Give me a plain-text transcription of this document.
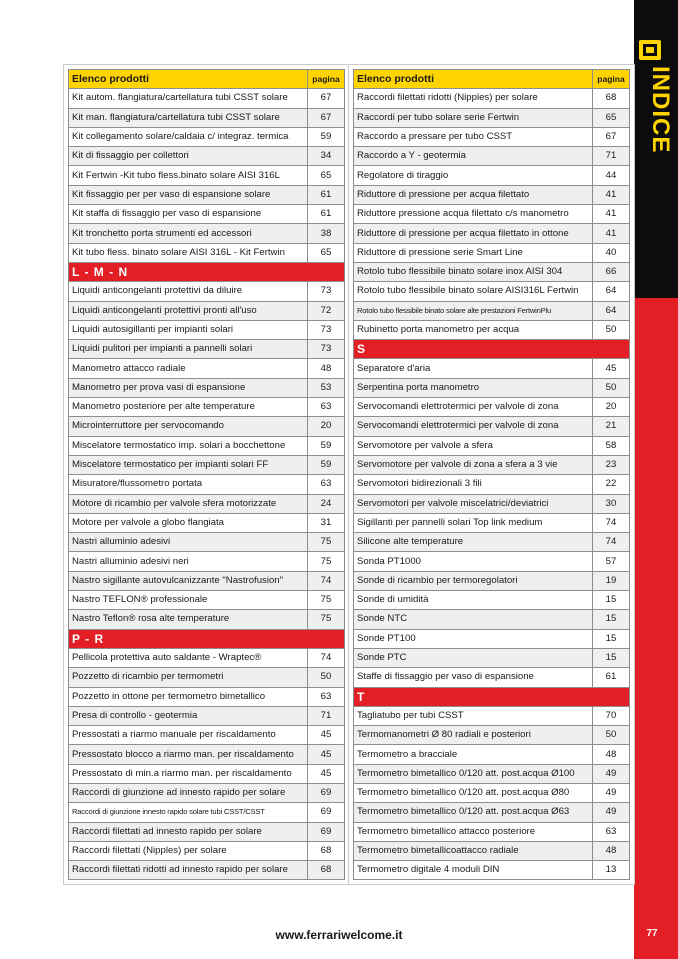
INDICE
Elenco prodotti	pagina
Kit autom. flangiatura/cartellatura tubi CSST solare	67
Kit man. flangiatura/cartellatura tubi CSST solare	67
Kit collegamento solare/caldaia c/ integraz. termica	59
Kit di fissaggio per collettori	34
Kit Fertwin -Kit tubo fless.binato solare AISI 316L	65
Kit fissaggio per per vaso di espansione solare	61
Kit staffa di fissaggio per vaso di espansione	61
Kit tronchetto porta strumenti ed accessori	38
Kit tubo fless. binato solare AISI 316L - Kit Fertwin	65
L - M - N	
Liquidi anticongelanti protettivi da diluire	73
Liquidi anticongelanti protettivi pronti all'uso	72
Liquidi autosigillanti per impianti solari	73
Liquidi pulitori per impianti a pannelli solari	73
Manometro attacco radiale	48
Manometro per prova vasi di espansione	53
Manometro posteriore per alte temperature	63
Microinterruttore per servocomando	20
Miscelatore termostatico imp. solari a bocchettone	59
Miscelatore termostatico per impianti solari FF	59
Misuratore/flussometro portata	63
Motore di ricambio per valvole sfera motorizzate	24
Motore per valvole a globo flangiata	31
Nastri alluminio adesivi	75
Nastri alluminio adesivi neri	75
Nastro sigillante autovulcanizzante "Nastrofusion"	74
Nastro TEFLON® professionale	75
Nastro Teflon® rosa alte temperature	75
P - R	
Pellicola protettiva auto saldante - Wraptec®	74
Pozzetto di ricambio per termometri	50
Pozzetto in ottone per termometro bimetallico	63
Presa di controllo - geotermia	71
Pressostati a riarmo manuale per riscaldamento	45
Pressostato blocco a riarmo man. per riscaldamento	45
Pressostato di min.a riarmo man. per riscaldamento	45
Raccordi di giunzione ad innesto rapido per solare	69
Raccordi di giunzione innesto rapido solare tubi CSST/CSST	69
Raccordi filettati ad innesto rapido per solare	69
Raccordi filettati (Nipples) per solare	68
Raccordi filettati ridotti ad innesto rapido per solare	68
Elenco prodotti	pagina
Raccordi filettati ridotti (Nipples) per solare	68
Raccordi per tubo solare serie Fertwin	65
Raccordo a pressare per tubo CSST	67
Raccordo a Y - geotermia	71
Regolatore di tiraggio	44
Riduttore di pressione per acqua filettato	41
Riduttore pressione acqua filettato c/s manometro	41
Riduttore di pressione per acqua filettato in ottone	41
Riduttore di pressione serie Smart Line	40
Rotolo tubo flessibile binato solare inox AISI 304	66
Rotolo tubo flessibile binato solare AISI316L Fertwin	64
Rotolo tubo flessibile binato solare alte prestazioni FertwinPlu	64
Rubinetto porta manometro per acqua	50
S	
Separatore d'aria	45
Serpentina porta manometro	50
Servocomandi elettrotermici per valvole di zona	20
Servocomandi elettrotermici per valvole di zona	21
Servomotore per valvole a sfera	58
Servomotore per valvole di zona a sfera a 3 vie	23
Servomotori bidirezionali 3 fili	22
Servomotori per valvole miscelatrici/deviatrici	30
Sigillanti per pannelli solari Top link medium	74
Silicone alte temperature	74
Sonda PT1000	57
Sonde di ricambio per termoregolatori	19
Sonde di umidità	15
Sonde NTC	15
Sonde PT100	15
Sonde PTC	15
Staffe di fissaggio per vaso di espansione	61
T	
Tagliatubo per tubi CSST	70
Termomanometri Ø 80 radiali e posteriori	50
Termometro a bracciale	48
Termometro bimetallico 0/120 att. post.acqua Ø100	49
Termometro bimetallico 0/120 att. post.acqua Ø80	49
Termometro bimetallico 0/120 att. post.acqua Ø63	49
Termometro bimetallico attacco posteriore	63
Termometro bimetallicoattacco radiale	48
Termometro digitale 4 moduli DIN	13
www.ferrariwelcome.it	77
